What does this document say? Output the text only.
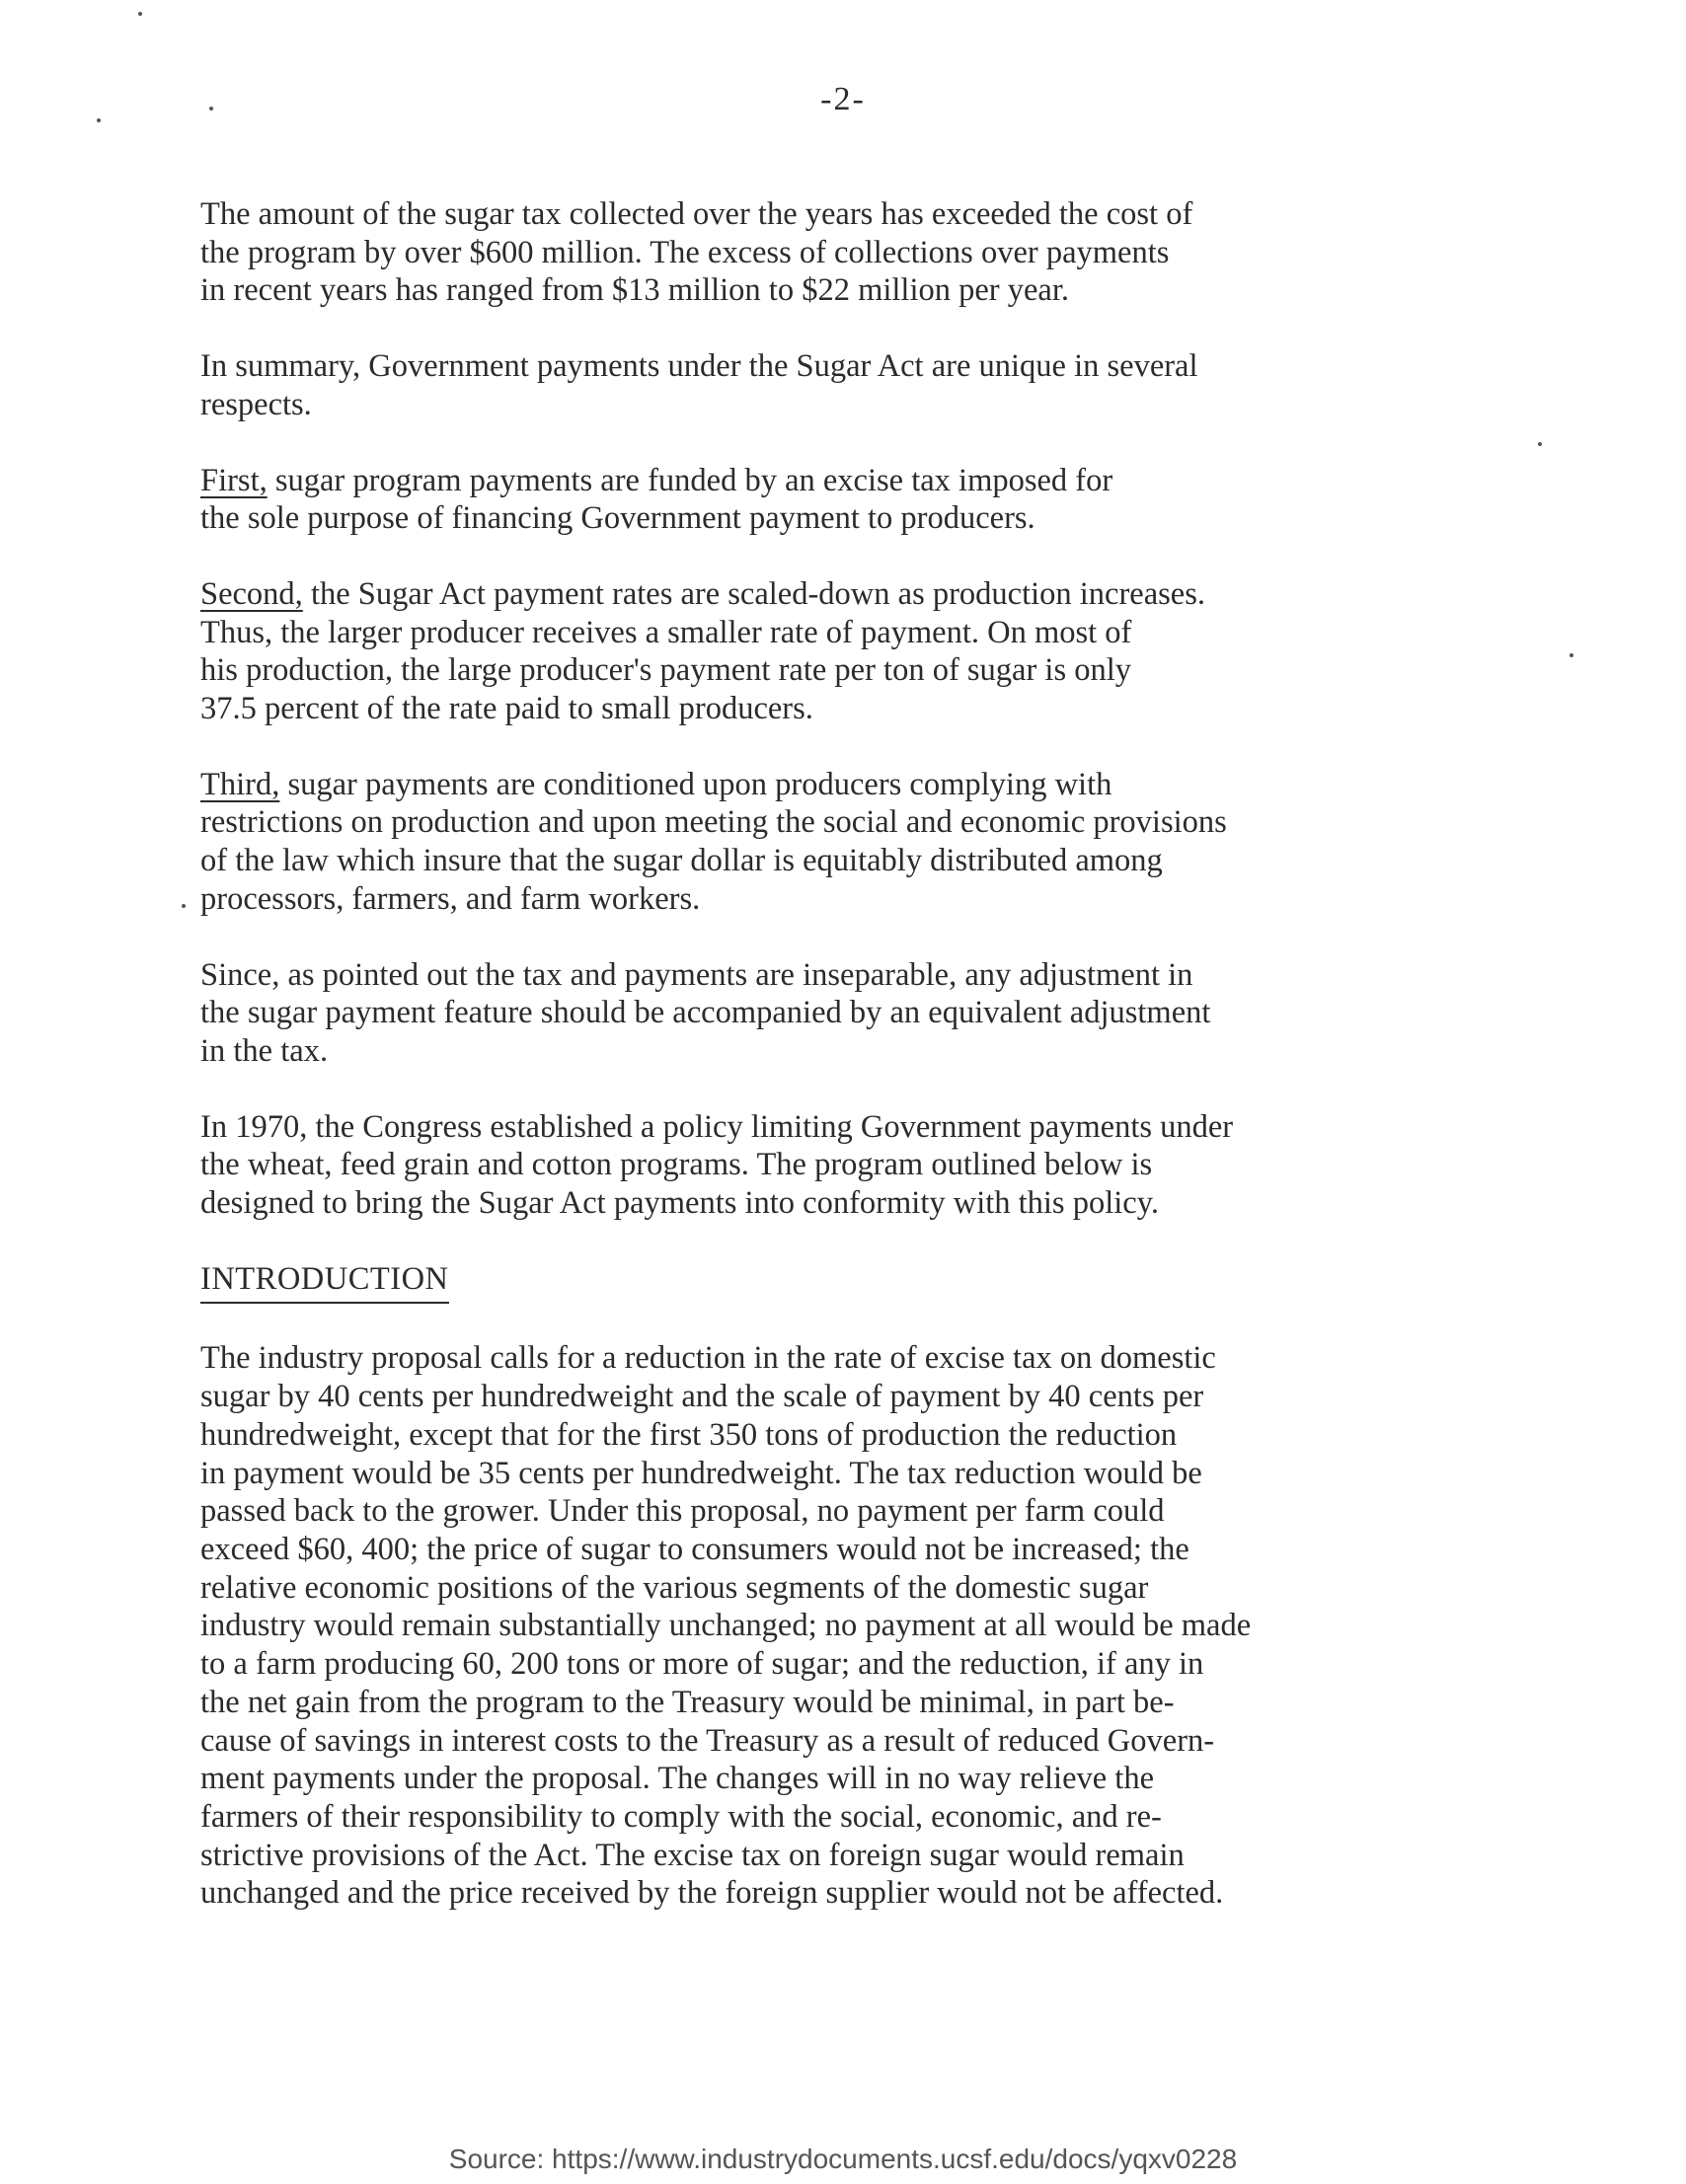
-2-
The amount of the sugar tax collected over the years has exceeded the cost of
the program by over $600 million. The excess of collections over payments
in recent years has ranged from $13 million to $22 million per year.
In summary, Government payments under the Sugar Act are unique in several
respects.
First, sugar program payments are funded by an excise tax imposed for
the sole purpose of financing Government payment to producers.
Second, the Sugar Act payment rates are scaled-down as production increases.
Thus, the larger producer receives a smaller rate of payment. On most of
his production, the large producer's payment rate per ton of sugar is only
37.5 percent of the rate paid to small producers.
Third, sugar payments are conditioned upon producers complying with
restrictions on production and upon meeting the social and economic provisions
of the law which insure that the sugar dollar is equitably distributed among
processors, farmers, and farm workers.
Since, as pointed out the tax and payments are inseparable, any adjustment in
the sugar payment feature should be accompanied by an equivalent adjustment
in the tax.
In 1970, the Congress established a policy limiting Government payments under
the wheat, feed grain and cotton programs. The program outlined below is
designed to bring the Sugar Act payments into conformity with this policy.
INTRODUCTION
The industry proposal calls for a reduction in the rate of excise tax on domestic
sugar by 40 cents per hundredweight and the scale of payment by 40 cents per
hundredweight, except that for the first 350 tons of production the reduction
in payment would be 35 cents per hundredweight. The tax reduction would be
passed back to the grower. Under this proposal, no payment per farm could
exceed $60, 400; the price of sugar to consumers would not be increased; the
relative economic positions of the various segments of the domestic sugar
industry would remain substantially unchanged; no payment at all would be made
to a farm producing 60, 200 tons or more of sugar; and the reduction, if any in
the net gain from the program to the Treasury would be minimal, in part be-
cause of savings in interest costs to the Treasury as a result of reduced Govern-
ment payments under the proposal. The changes will in no way relieve the
farmers of their responsibility to comply with the social, economic, and re-
strictive provisions of the Act. The excise tax on foreign sugar would remain
unchanged and the price received by the foreign supplier would not be affected.
Source: https://www.industrydocuments.ucsf.edu/docs/yqxv0228
